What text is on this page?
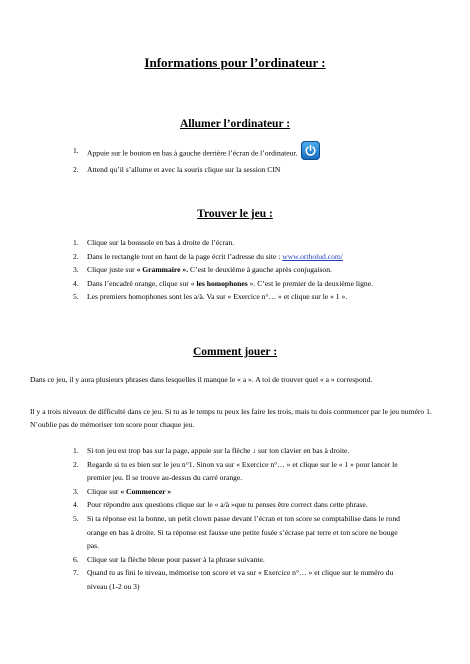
Informations pour l’ordinateur :
Allumer l’ordinateur :
1. Appuie sur le bouton en bas à gauche derrière l’écran de l’ordinateur.
2. Attend qu’il s’allume et avec la souris clique sur la session CIN
Trouver le jeu :
1. Clique sur la boussole en bas à droite de l’écran.
2. Dans le rectangle tout en haut de la page écrit l’adresse du site : www.ortholud.com/
3. Clique juste sur « Grammaire ». C’est le deuxième à gauche après conjugaison.
4. Dans l’encadré orange, clique sur « les homophones ». C’est le premier de la deuxième ligne.
5. Les premiers homophones sont les a/à. Va sur « Exercice n°… » et clique sur le « 1 ».
Comment jouer :

Dans ce jeu, il y aura plusieurs phrases dans lesquelles il manque le « a ». A toi de trouver quel « a » correspond.

Il y a trois niveaux de difficulté dans ce jeu. Si tu as le temps tu peux les faire les trois, mais tu dois commencer par le jeu numéro 1. N’oublie pas de mémoriser ton score pour chaque jeu.

1. Si ton jeu est trop bas sur la page, appuie sur la flèche ↓ sur ton clavier en bas à droite.
2. Regarde si tu es bien sur le jeu n°1. Sinon va sur « Exercice n°… » et clique sur le « 1 » pour lancer le premier jeu. Il se trouve au-dessus du carré orange.
3. Clique sur « Commencer »
4. Pour répondre aux questions clique sur le « a/à »que tu penses être correct dans cette phrase.
5. Si ta réponse est la bonne, un petit clown passe devant l’écran et ton score se comptabilise dans le rond orange en bas à droite. Si ta réponse est fausse une petite fusée s’écrase par terre et ton score ne bouge pas.
6. Clique sur la flèche bleue pour passer à la phrase suivante.
7. Quand tu as fini le niveau, mémorise ton score et va sur « Exercice n°… » et clique sur le numéro du niveau (1-2 ou 3)
